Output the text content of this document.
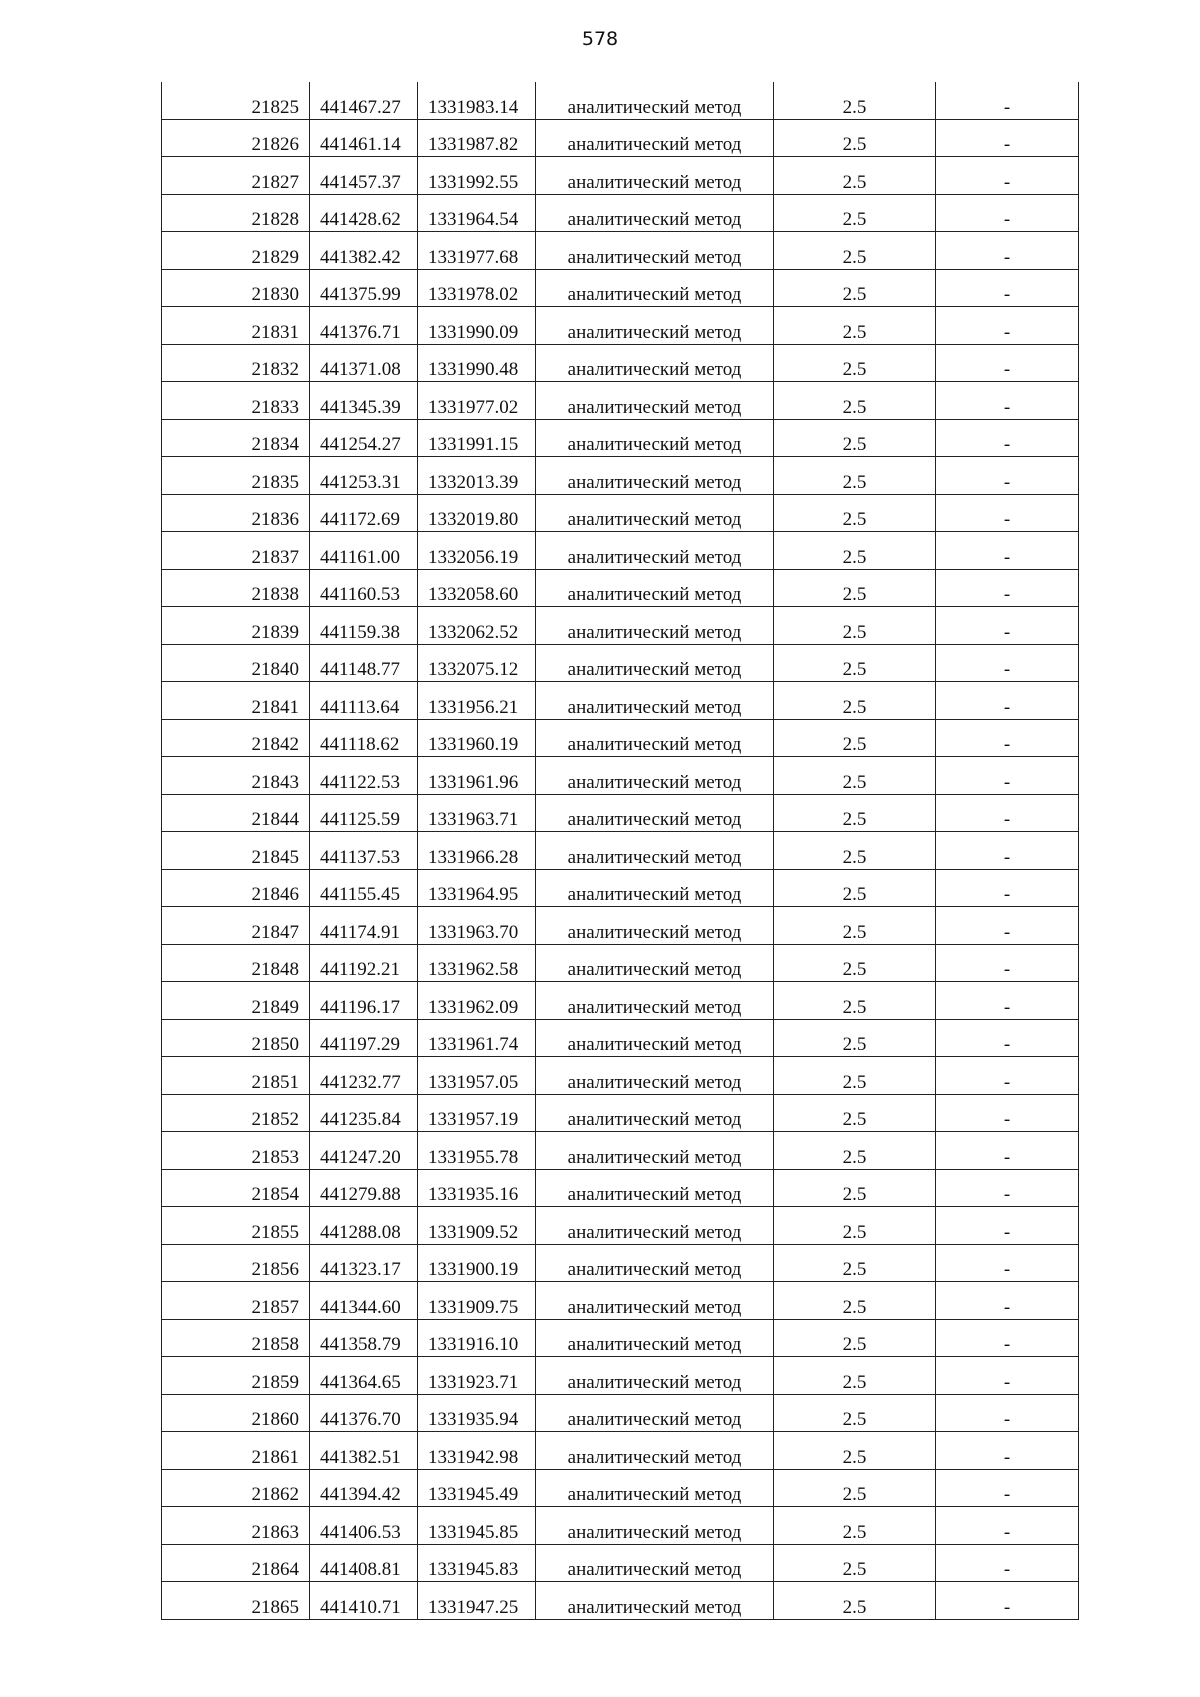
578
21825	441467.27	1331983.14	аналитический метод	2.5	-
21826	441461.14	1331987.82	аналитический метод	2.5	-
21827	441457.37	1331992.55	аналитический метод	2.5	-
21828	441428.62	1331964.54	аналитический метод	2.5	-
21829	441382.42	1331977.68	аналитический метод	2.5	-
21830	441375.99	1331978.02	аналитический метод	2.5	-
21831	441376.71	1331990.09	аналитический метод	2.5	-
21832	441371.08	1331990.48	аналитический метод	2.5	-
21833	441345.39	1331977.02	аналитический метод	2.5	-
21834	441254.27	1331991.15	аналитический метод	2.5	-
21835	441253.31	1332013.39	аналитический метод	2.5	-
21836	441172.69	1332019.80	аналитический метод	2.5	-
21837	441161.00	1332056.19	аналитический метод	2.5	-
21838	441160.53	1332058.60	аналитический метод	2.5	-
21839	441159.38	1332062.52	аналитический метод	2.5	-
21840	441148.77	1332075.12	аналитический метод	2.5	-
21841	441113.64	1331956.21	аналитический метод	2.5	-
21842	441118.62	1331960.19	аналитический метод	2.5	-
21843	441122.53	1331961.96	аналитический метод	2.5	-
21844	441125.59	1331963.71	аналитический метод	2.5	-
21845	441137.53	1331966.28	аналитический метод	2.5	-
21846	441155.45	1331964.95	аналитический метод	2.5	-
21847	441174.91	1331963.70	аналитический метод	2.5	-
21848	441192.21	1331962.58	аналитический метод	2.5	-
21849	441196.17	1331962.09	аналитический метод	2.5	-
21850	441197.29	1331961.74	аналитический метод	2.5	-
21851	441232.77	1331957.05	аналитический метод	2.5	-
21852	441235.84	1331957.19	аналитический метод	2.5	-
21853	441247.20	1331955.78	аналитический метод	2.5	-
21854	441279.88	1331935.16	аналитический метод	2.5	-
21855	441288.08	1331909.52	аналитический метод	2.5	-
21856	441323.17	1331900.19	аналитический метод	2.5	-
21857	441344.60	1331909.75	аналитический метод	2.5	-
21858	441358.79	1331916.10	аналитический метод	2.5	-
21859	441364.65	1331923.71	аналитический метод	2.5	-
21860	441376.70	1331935.94	аналитический метод	2.5	-
21861	441382.51	1331942.98	аналитический метод	2.5	-
21862	441394.42	1331945.49	аналитический метод	2.5	-
21863	441406.53	1331945.85	аналитический метод	2.5	-
21864	441408.81	1331945.83	аналитический метод	2.5	-
21865	441410.71	1331947.25	аналитический метод	2.5	-
